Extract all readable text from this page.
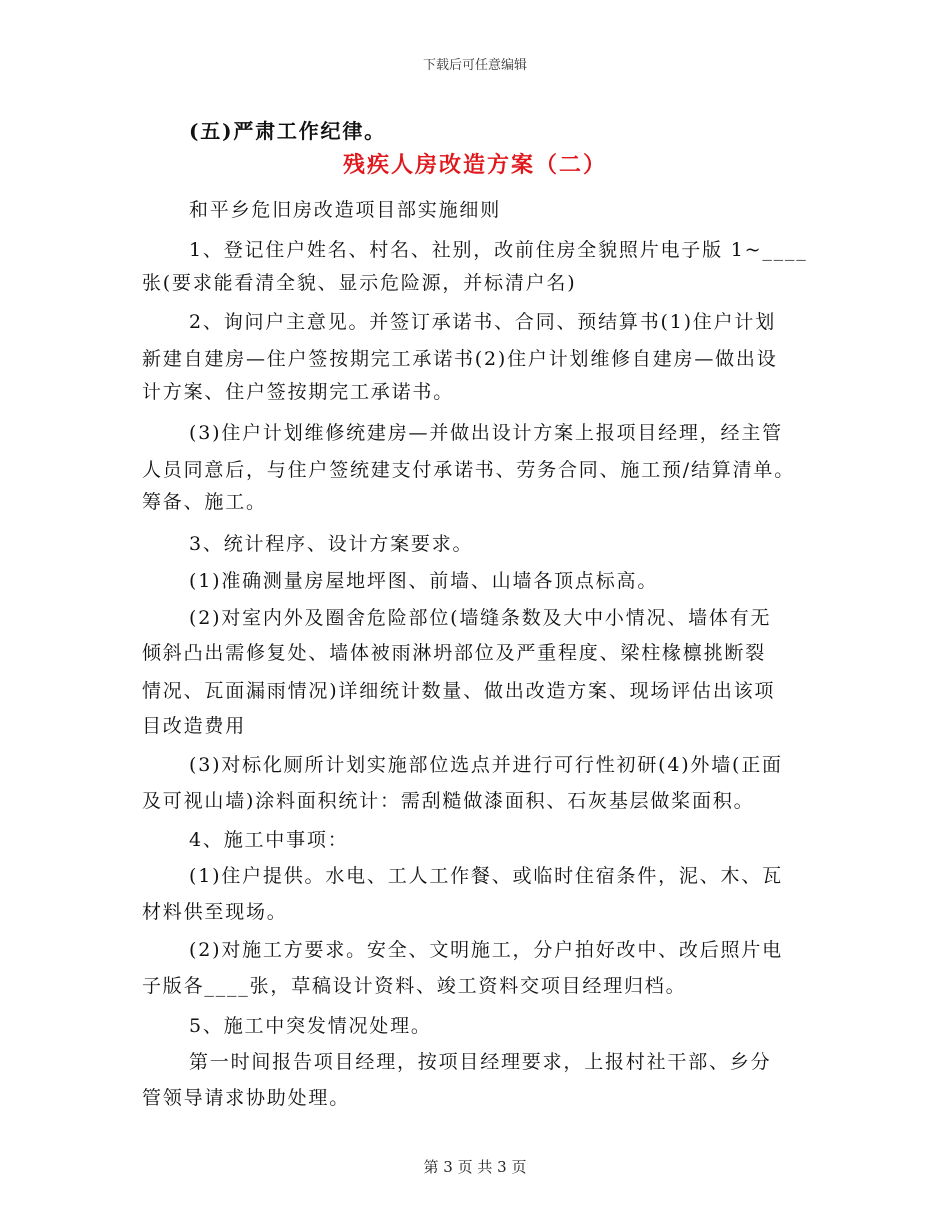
下载后可任意编辑
(五)严肃工作纪律。
残疾人房改造方案（二）
和平乡危旧房改造项目部实施细则
1、登记住户姓名、村名、社别，改前住房全貌照片电子版 1~____
张(要求能看清全貌、显示危险源，并标清户名)
2、询问户主意见。并签订承诺书、合同、预结算书(1)住户计划
新建自建房—住户签按期完工承诺书(2)住户计划维修自建房—做出设
计方案、住户签按期完工承诺书。
(3)住户计划维修统建房—并做出设计方案上报项目经理，经主管
人员同意后，与住户签统建支付承诺书、劳务合同、施工预/结算清单。
筹备、施工。
3、统计程序、设计方案要求。
(1)准确测量房屋地坪图、前墙、山墙各顶点标高。
(2)对室内外及圈舍危险部位(墙缝条数及大中小情况、墙体有无
倾斜凸出需修复处、墙体被雨淋坍部位及严重程度、梁柱椽檩挑断裂
情况、瓦面漏雨情况)详细统计数量、做出改造方案、现场评估出该项
目改造费用
(3)对标化厕所计划实施部位选点并进行可行性初研(4)外墙(正面
及可视山墙)涂料面积统计：需刮糙做漆面积、石灰基层做桨面积。
4、施工中事项：
(1)住户提供。水电、工人工作餐、或临时住宿条件，泥、木、瓦
材料供至现场。
(2)对施工方要求。安全、文明施工，分户拍好改中、改后照片电
子版各____张，草稿设计资料、竣工资料交项目经理归档。
5、施工中突发情况处理。
第一时间报告项目经理，按项目经理要求，上报村社干部、乡分
管领导请求协助处理。
第 3 页 共 3 页
